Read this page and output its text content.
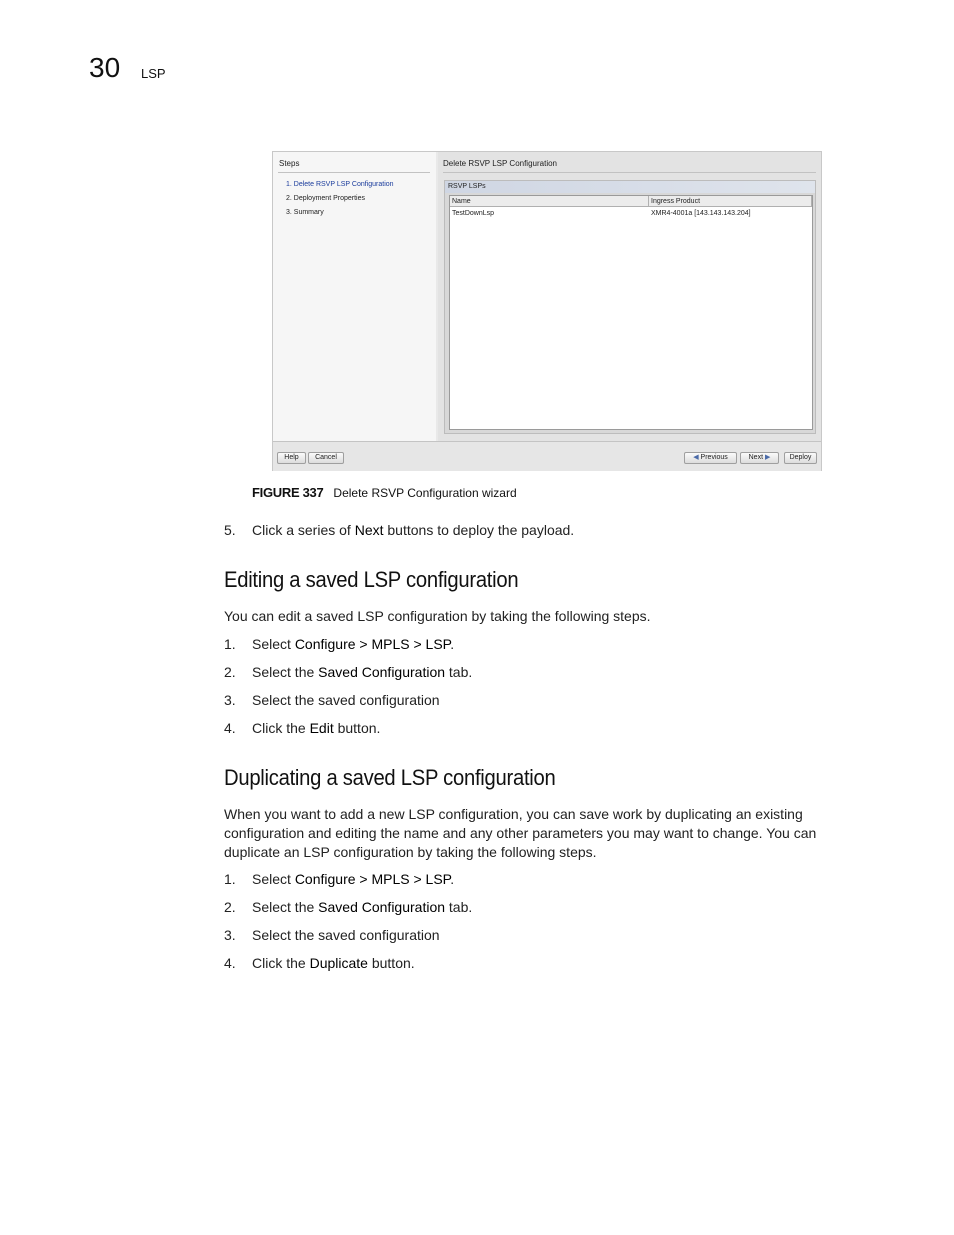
30 LSP
Steps
1. Delete RSVP LSP Configuration
2. Deployment Properties
3. Summary
Delete RSVP LSP Configuration
RSVP LSPs
Name	Ingress Product
TestDownLsp	XMR4-4001a [143.143.143.204]
Help	Cancel	◀ Previous	Next ▶	Deploy
FIGURE 337 Delete RSVP Configuration wizard
5. Click a series of Next buttons to deploy the payload.
Editing a saved LSP configuration
You can edit a saved LSP configuration by taking the following steps.
1. Select Configure > MPLS > LSP.
2. Select the Saved Configuration tab.
3. Select the saved configuration
4. Click the Edit button.
Duplicating a saved LSP configuration
When you want to add a new LSP configuration, you can save work by duplicating an existing
configuration and editing the name and any other parameters you may want to change. You can
duplicate an LSP configuration by taking the following steps.
1. Select Configure > MPLS > LSP.
2. Select the Saved Configuration tab.
3. Select the saved configuration
4. Click the Duplicate button.
